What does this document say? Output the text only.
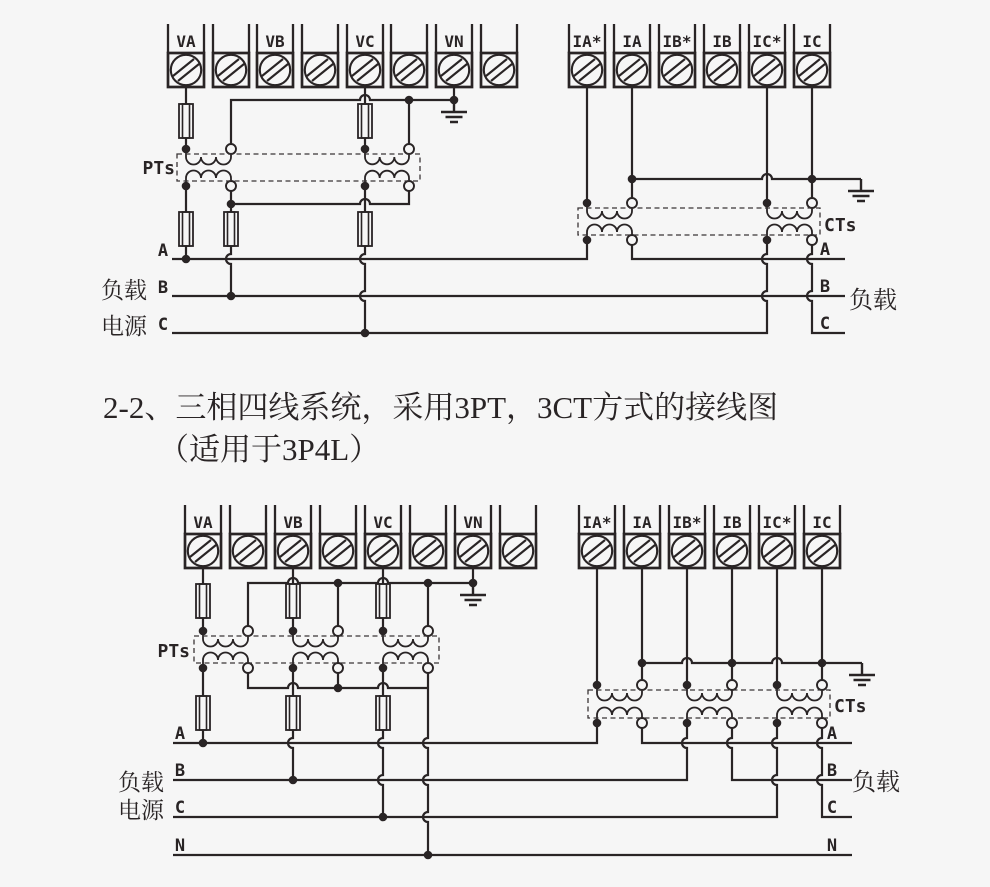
VA	VB	VC	VN	IA* IA IB* IB IC* IC
PTs
CTs
A
B
C
A
B
C
负载
电源
负载
VA	VB	VC	VN	IA* IA IB* IB IC* IC
PTs
CTs
A
B
C
N
A
B
C
N
负载
电源
负载
2-2、三相四线系统，采用3PT，3CT方式的接线图
（适用于3P4L）
